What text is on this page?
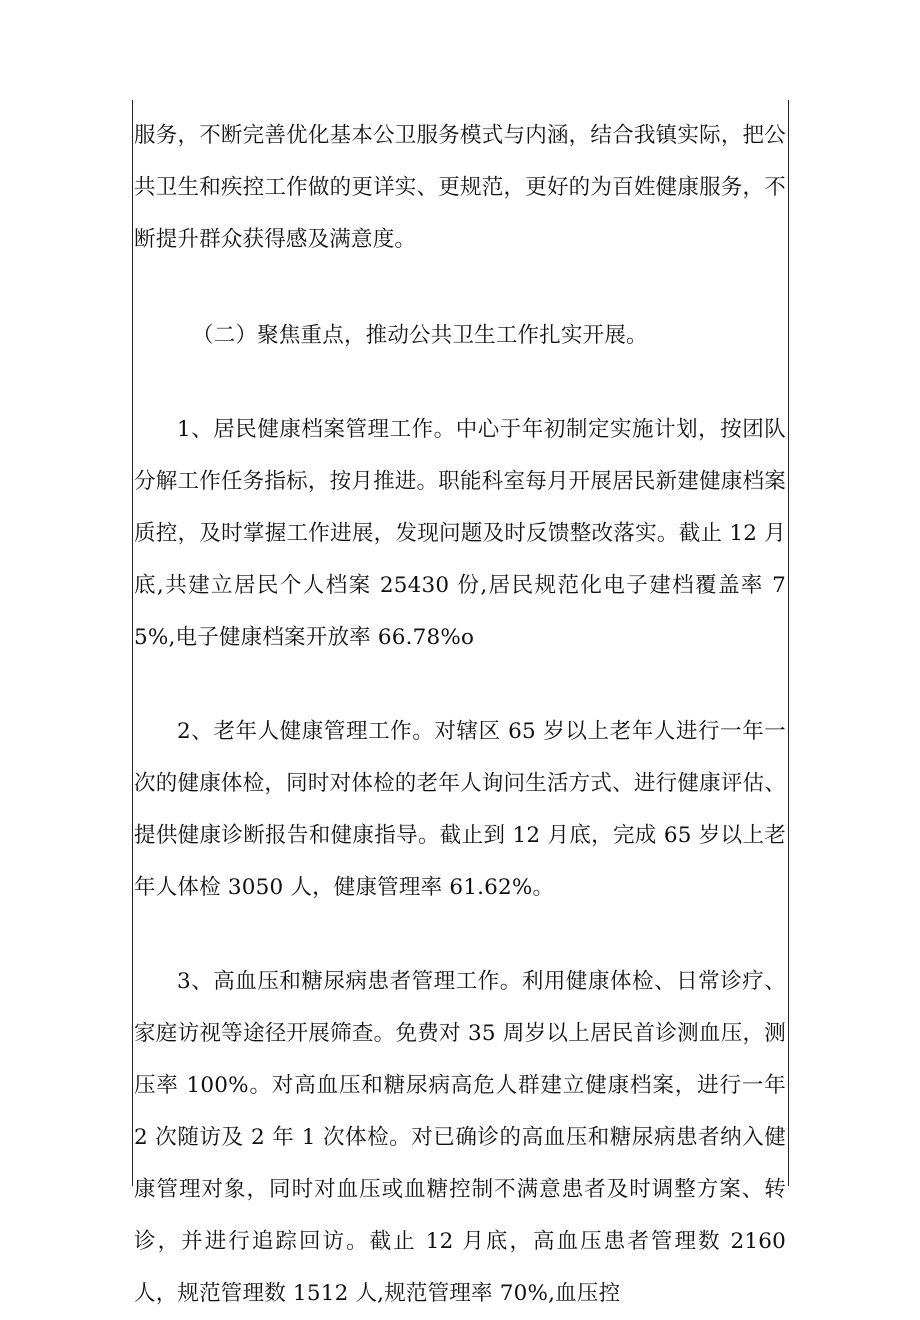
服务，不断完善优化基本公卫服务模式与内涵，结合我镇实际，把公共卫生和疾控工作做的更详实、更规范，更好的为百姓健康服务，不断提升群众获得感及满意度。

（二）聚焦重点，推动公共卫生工作扎实开展。

1、居民健康档案管理工作。中心于年初制定实施计划，按团队分解工作任务指标，按月推进。职能科室每月开展居民新建健康档案质控，及时掌握工作进展，发现问题及时反馈整改落实。截止 12 月底,共建立居民个人档案 25430 份,居民规范化电子建档覆盖率 75%,电子健康档案开放率 66.78%o

2、老年人健康管理工作。对辖区 65 岁以上老年人进行一年一次的健康体检，同时对体检的老年人询问生活方式、进行健康评估、提供健康诊断报告和健康指导。截止到 12 月底，完成 65 岁以上老年人体检 3050 人，健康管理率 61.62%。

3、高血压和糖尿病患者管理工作。利用健康体检、日常诊疗、家庭访视等途径开展筛查。免费对 35 周岁以上居民首诊测血压，测压率 100%。对高血压和糖尿病高危人群建立健康档案，进行一年 2 次随访及 2 年 1 次体检。对已确诊的高血压和糖尿病患者纳入健康管理对象，同时对血压或血糖控制不满意患者及时调整方案、转诊，并进行追踪回访。截止 12 月底，高血压患者管理数 2160 人，规范管理数 1512 人,规范管理率 70%,血压控
